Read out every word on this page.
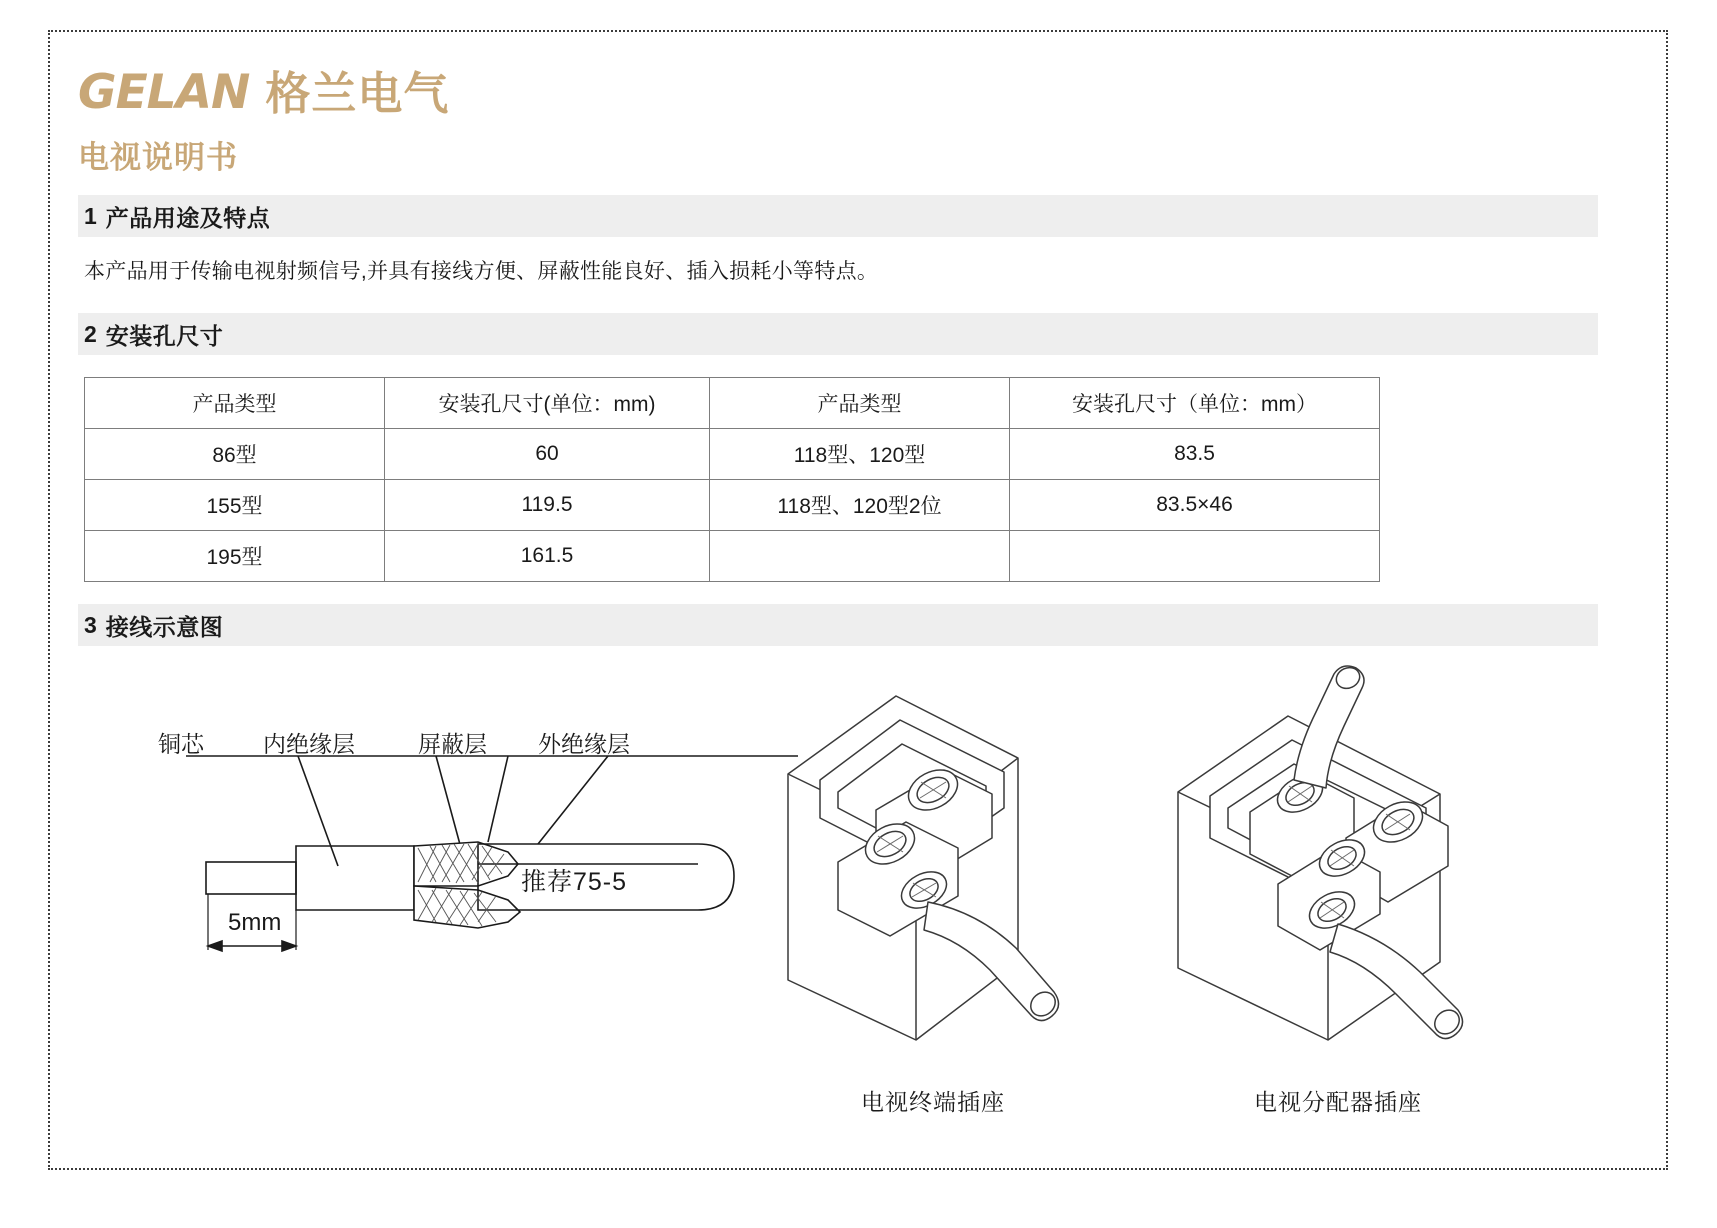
GELAN 格兰电气
电视说明书
1 产品用途及特点
本产品用于传输电视射频信号,并具有接线方便、屏蔽性能良好、插入损耗小等特点。
2 安装孔尺寸
产品类型	安装孔尺寸(单位：mm)	产品类型	安装孔尺寸（单位：mm）
86型	60	118型、120型	83.5
155型	119.5	118型、120型2位	83.5×46
195型	161.5		
3 接线示意图
铜芯	内绝缘层	屏蔽层 外绝缘层
5mm
推荐75-5
电视终端插座	电视分配器插座
